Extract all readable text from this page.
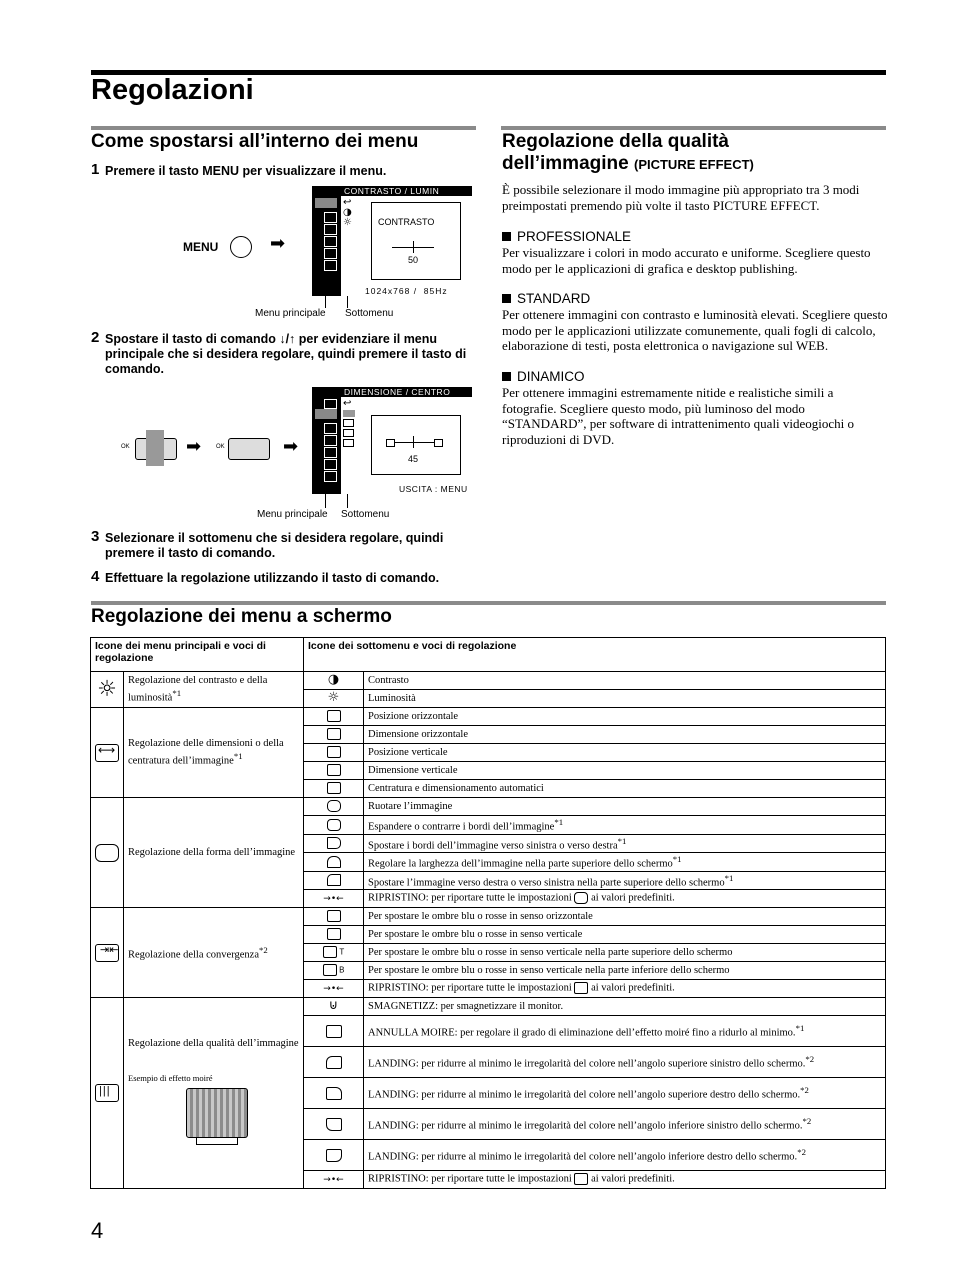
Regolazioni
Come spostarsi all’interno dei menu
1 Premere il tasto MENU per visualizzare il menu.
MENU	➡
CONTRASTO / LUMIN
↩
◑
☼	CONTRASTO
50
1024x768 /  85Hz
Menu principale Sottomenu
2 Spostare il tasto di comando ↓/↑ per evidenziare il menu principale che si desidera regolare, quindi premere il tasto di comando.
OK	➡ OK	➡
DIMENSIONE / CENTRO
↩
45
USCITA : MENU
Menu principale Sottomenu
3 Selezionare il sottomenu che si desidera regolare, quindi premere il tasto di comando.
4 Effettuare la regolazione utilizzando il tasto di comando.
Regolazione della qualità
dell’immagine (PICTURE EFFECT)
È possibile selezionare il modo immagine più appropriato tra 3 modi preimpostati premendo più volte il tasto PICTURE EFFECT.
PROFESSIONALE
Per visualizzare i colori in modo accurato e uniforme. Scegliere questo modo per le applicazioni di grafica e desktop publishing.
STANDARD
Per ottenere immagini con contrasto e luminosità elevati. Scegliere questo modo per le applicazioni utilizzate comunemente, quali fogli di calcolo, elaborazione di testi, posta elettronica o navigazione sul WEB.
DINAMICO
Per ottenere immagini estremamente nitide e realistiche simili a fotografie. Scegliere questo modo, più luminoso del modo “STANDARD”, per software di intrattenimento quali videogiochi o riproduzioni di DVD.
Regolazione dei menu a schermo
Icone dei menu principali e voci di regolazione		Icone dei sottomenu e voci di regolazione	
☼	Regolazione del contrasto e della luminosità$^{*1}$	◑	Contrasto
		☼	Luminosità

⟷	Regolazione delle dimensioni o della centratura dell’immagine$^{*1}$		Posizione orizzontale
			Dimensione orizzontale
			Posizione verticale
			Dimensione verticale
			Centratura e dimensionamento automatici
	Regolazione della forma dell’immagine		Ruotare l’immagine
			Espandere o contrarre i bordi dell’immagine$^{*1}$
			Spostare i bordi dell’immagine verso sinistra o verso destra$^{*1}$
			Regolare la larghezza dell’immagine nella parte superiore dello schermo$^{*1}$
			Spostare l’immagine verso destra o verso sinistra nella parte superiore dello schermo$^{*1}$
		→•←	RIPRISTINO: per riportare tutte le impostazioni ai valori predefiniti.

⇥⇤	Regolazione della convergenza$^{*2}$		Per spostare le ombre blu o rosse in senso orizzontale
			Per spostare le ombre blu o rosse in senso verticale
		T	Per spostare le ombre blu o rosse in senso verticale nella parte superiore dello schermo
		B	Per spostare le ombre blu o rosse in senso verticale nella parte inferiore dello schermo
		→•←	RIPRISTINO: per riportare tutte le impostazioni ai valori predefiniti.

|||	Regolazione della qualità dell’immagine
Esempio di effetto moiré	⊍	SMAGNETIZZ: per smagnetizzare il monitor.
			ANNULLA MOIRE: per regolare il grado di eliminazione dell’effetto moiré fino a ridurlo al minimo.$^{*1}$
			LANDING: per ridurre al minimo le irregolarità del colore nell’angolo superiore sinistro dello schermo.$^{*2}$
			LANDING: per ridurre al minimo le irregolarità del colore nell’angolo superiore destro dello schermo.$^{*2}$
			LANDING: per ridurre al minimo le irregolarità del colore nell’angolo inferiore sinistro dello schermo.$^{*2}$
			LANDING: per ridurre al minimo le irregolarità del colore nell’angolo inferiore destro dello schermo.$^{*2}$
		→•←	RIPRISTINO: per riportare tutte le impostazioni ai valori predefiniti.
4
